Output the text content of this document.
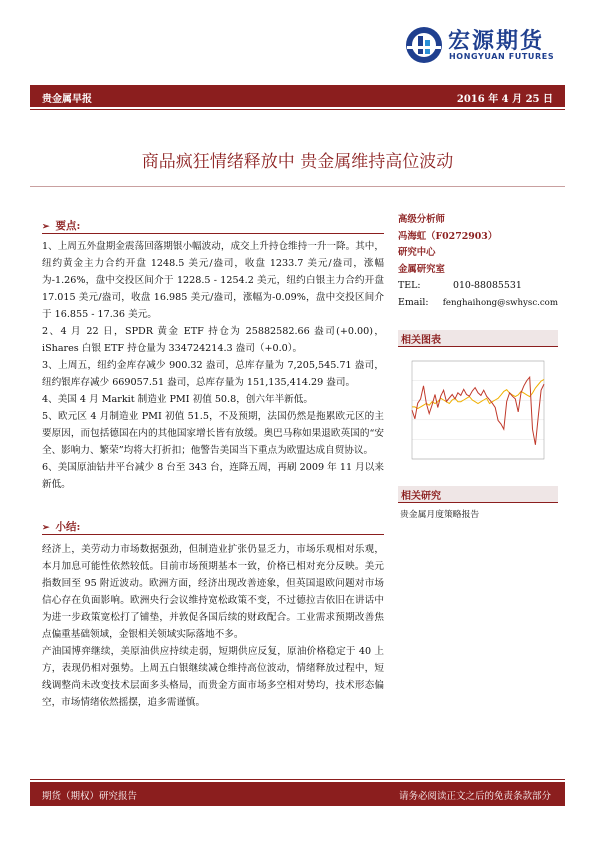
宏源期货
HONGYUAN FUTURES
贵金属早报	2016 年 4 月 25 日
商品疯狂情绪释放中 贵金属维持高位波动
➢ 要点:

1、上周五外盘期金震荡回落期银小幅波动，成交上升持仓维持一升一降。其中，纽约黄金主力合约开盘 1248.5 美元/盎司，收盘 1233.7 美元/盎司，涨幅为-1.26%，盘中交投区间介于 1228.5 - 1254.2 美元，纽约白银主力合约开盘 17.015 美元/盎司，收盘 16.985 美元/盎司，涨幅为-0.09%，盘中交投区间介于 16.855 - 17.36 美元。

2、4 月 22 日，SPDR 黄金 ETF 持仓为 25882582.66 盎司(+0.00)，iShares 白银 ETF 持仓量为 334724214.3 盎司（+0.0）。

3、上周五，纽约金库存减少 900.32 盎司，总库存量为 7,205,545.71 盎司，纽约银库存减少 669057.51 盎司，总库存量为 151,135,414.29 盎司。

4、美国 4 月 Markit 制造业 PMI 初值 50.8，创六年半新低。

5、欧元区 4 月制造业 PMI 初值 51.5，不及预期，法国仍然是拖累欧元区的主要原因，而包括德国在内的其他国家增长皆有放缓。奥巴马称如果退欧英国的“安全、影响力、繁荣”均将大打折扣；他警告美国当下重点为欧盟达成自贸协议。

6、美国原油钻井平台减少 8 台至 343 台，连降五周，再刷 2009 年 11 月以来新低。

➢ 小结:

经济上，美劳动力市场数据强劲，但制造业扩张仍显乏力，市场乐观相对乐观，本月加息可能性依然较低。目前市场预期基本一致，价格已相对充分反映。美元指数回至 95 附近波动。欧洲方面，经济出现改善迹象，但英国退欧问题对市场信心存在负面影响。欧洲央行会议维持宽松政策不变，不过德拉吉依旧在讲话中为进一步政策宽松打了铺垫，并敦促各国后续的财政配合。工业需求预期改善焦点偏重基础领域，金银相关领域实际落地不多。

产油国博弈继续，美原油供应持续走弱，短期供应反复，原油价格稳定于 40 上方，表现仍相对强势。上周五白银继续减仓维持高位波动，情绪释放过程中，短线调整尚未改变技术层面多头格局，而贵金方面市场多空相对势均，技术形态偏空，市场情绪依然摇摆，追多需谨慎。

高级分析师
冯海虹（F0272903）
研究中心
金属研究室
TEL:	010-88085531
Email:	fenghaihong@swhysc.com
相关图表
相关研究
贵金属月度策略报告
期货（期权）研究报告	请务必阅读正文之后的免责条款部分
